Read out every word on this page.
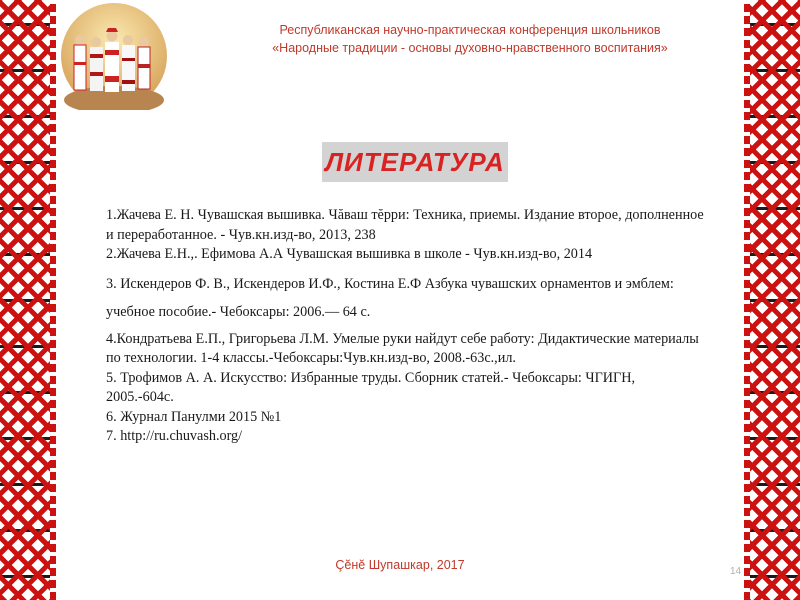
Республиканская научно-практическая конференция школьников
«Народные традиции - основы духовно-нравственного воспитания»
ЛИТЕРАТУРА

1.Жачева Е. Н. Чувашская вышивка. Чăваш тĕрри: Техника, приемы. Издание второе, дополненное и переработанное. - Чув.кн.изд-во, 2013, 238

2.Жачева Е.Н.,. Ефимова А.А Чувашская вышивка в школе - Чув.кн.изд-во, 2014

3. Искендеров Ф. В., Искендеров И.Ф., Костина Е.Ф Азбука чувашских орнаментов и эмблем: учебное пособие.- Чебоксары: 2006.— 64 с.

4.Кондратьева Е.П., Григорьева Л.М. Умелые руки найдут себе работу: Дидактические материалы по технологии. 1-4 классы.-Чебоксары:Чув.кн.изд-во, 2008.-63с.,ил.

5. Трофимов А. А. Искусство: Избранные труды. Сборник статей.- Чебоксары: ЧГИГН, 2005.-604с.

6. Журнал Панулми 2015 №1

7. http://ru.chuvash.org/

Çĕнĕ Шупашкар, 2017	14
